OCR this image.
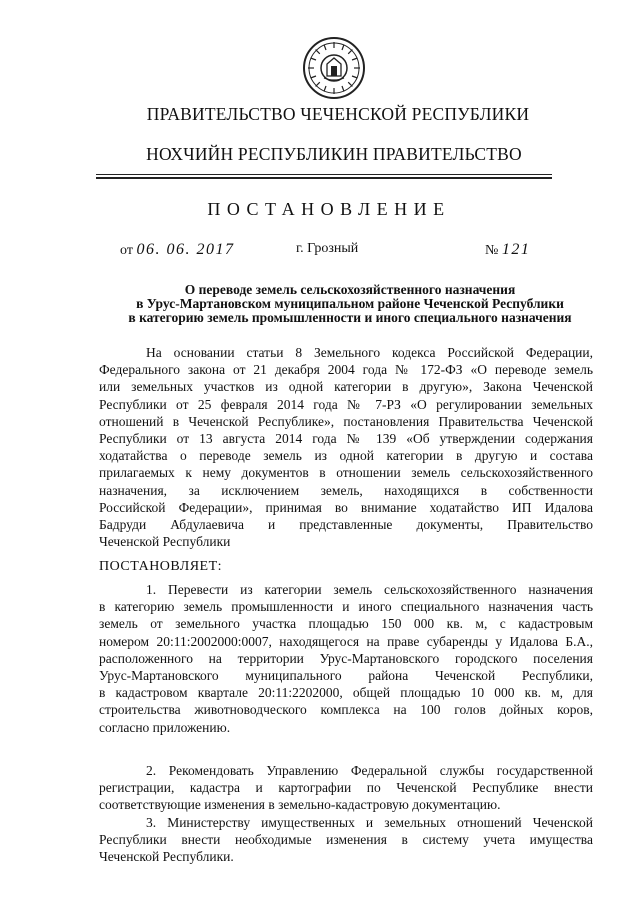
ПРАВИТЕЛЬСТВО ЧЕЧЕНСКОЙ РЕСПУБЛИКИ
НОХЧИЙН РЕСПУБЛИКИН ПРАВИТЕЛЬСТВО
ПОСТАНОВЛЕНИЕ
от 06. 06. 2017	г. Грозный	№ 121
О переводе земель сельскохозяйственного назначения
в Урус-Мартановском муниципальном районе Чеченской Республики
в категорию земель промышленности и иного специального назначения
На основании статьи 8 Земельного кодекса Российской Федерации,
Федерального закона от 21 декабря 2004 года № 172-ФЗ «О переводе земель
или земельных участков из одной категории в другую», Закона Чеченской
Республики от 25 февраля 2014 года № 7-РЗ «О регулировании земельных
отношений в Чеченской Республике», постановления Правительства Чеченской
Республики от 13 августа 2014 года № 139 «Об утверждении содержания
ходатайства о переводе земель из одной категории в другую и состава
прилагаемых к нему документов в отношении земель сельскохозяйственного
назначения, за исключением земель, находящихся в собственности
Российской Федерации», принимая во внимание ходатайство ИП Идалова
Бадруди Абдулаевича и представленные документы, Правительство
Чеченской Республики
ПОСТАНОВЛЯЕТ:
1. Перевести из категории земель сельскохозяйственного назначения
в категорию земель промышленности и иного специального назначения часть
земель от земельного участка площадью 150 000 кв. м, с кадастровым
номером 20:11:2002000:0007, находящегося на праве субаренды у Идалова Б.А.,
расположенного на территории Урус-Мартановского городского поселения
Урус-Мартановского муниципального района Чеченской Республики,
в кадастровом квартале 20:11:2202000, общей площадью 10 000 кв. м, для
строительства животноводческого комплекса на 100 голов дойных коров,
согласно приложению.
2. Рекомендовать Управлению Федеральной службы государственной
регистрации, кадастра и картографии по Чеченской Республике внести
соответствующие изменения в земельно-кадастровую документацию.
3. Министерству имущественных и земельных отношений Чеченской
Республики внести необходимые изменения в систему учета имущества
Чеченской Республики.
